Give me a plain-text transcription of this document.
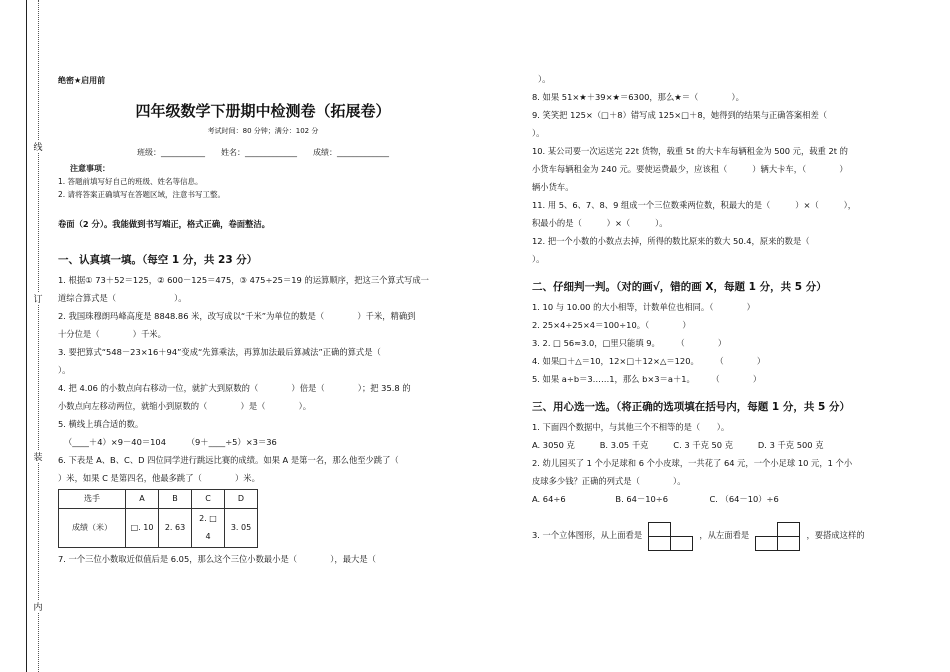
线
订
装
内
绝密★启用前
四年级数学下册期中检测卷（拓展卷）
考试时间：80 分钟；满分：102 分
班级：___________　　姓名：_____________　　成绩：_____________
注意事项：
1. 答题前填写好自己的班级、姓名等信息。
2. 请将答案正确填写在答题区域，注意书写工整。
卷面（2 分）。我能做到书写端正，格式正确，卷面整洁。
一、认真填一填。（每空 1 分，共 23 分）
1. 根据① 73＋52＝125，② 600－125＝475，③ 475÷25＝19 的运算顺序，把这三个算式写成一
道综合算式是（　　　　　　　）。
2. 我国珠穆朗玛峰高度是 8848.86 米，改写成以“千米”为单位的数是（　　　　）千米，精确到
十分位是（　　　　）千米。
3. 要把算式“548－23×16＋94”变成“先算乘法，再算加法最后算减法”正确的算式是（
）。
4. 把 4.06 的小数点向右移动一位，就扩大到原数的（　　　　）倍是（　　　　）；把 35.8 的
小数点向左移动两位，就缩小到原数的（　　　　）是（　　　　）。
5. 横线上填合适的数。
（____＋4）×9－40＝104　　　（9＋____÷5）×3＝36
6. 下表是 A、B、C、D 四位同学进行跳远比赛的成绩。如果 A 是第一名，那么他至少跳了（
）米，如果 C 是第四名，他最多跳了（　　　　）米。
选手	A	B	C	D
成绩（米）	□. 10	2. 63	2. □ 4	3. 05
7. 一个三位小数取近似值后是 6.05，那么这个三位小数最小是（　　　　），最大是（
）。
8. 如果 51×★＋39×★＝6300，那么★＝（　　　　）。
9. 笑笑把 125×（□＋8）错写成 125×□＋8，她得到的结果与正确答案相差（
）。
10. 某公司要一次运送完 22t 货物，载重 5t 的大卡车每辆租金为 500 元，载重 2t 的
小货车每辆租金为 240 元。要使运费最少，应该租（　　　）辆大卡车，（　　　　）
辆小货车。
11. 用 5、6、7、8、9 组成一个三位数乘两位数，积最大的是（　　　）×（　　　），
积最小的是（　　　）×（　　　）。
12. 把一个小数的小数点去掉，所得的数比原来的数大 50.4，原来的数是（
）。
二、仔细判一判。（对的画√，错的画 X，每题 1 分，共 5 分）
1. 10 与 10.00 的大小相等，计数单位也相同。（　　　　）
2. 25×4÷25×4＝100÷10。（　　　　）
3. 2. □ 56≈3.0，□里只能填 9。　　　（　　　　）
4. 如果□＋△＝10，12×□＋12×△＝120。　　　（　　　　）
5. 如果 a÷b＝3……1，那么 b×3＝a＋1。　　　（　　　　）
三、用心选一选。（将正确的选项填在括号内，每题 1 分，共 5 分）
1. 下面四个数据中，与其他三个不相等的是（　　）。
A. 3050 克　　　B. 3.05 千克　　　C. 3 千克 50 克　　　D. 3 千克 500 克
2. 幼儿园买了 1 个小足球和 6 个小皮球，一共花了 64 元，一个小足球 10 元，1 个小
皮球多少钱？正确的列式是（　　　　）。
A. 64÷6　　　　　　B. 64－10÷6　　　　　C. （64－10）÷6
3. 一个立体图形，从上面看是	，从左面看是	，要搭成这样的
